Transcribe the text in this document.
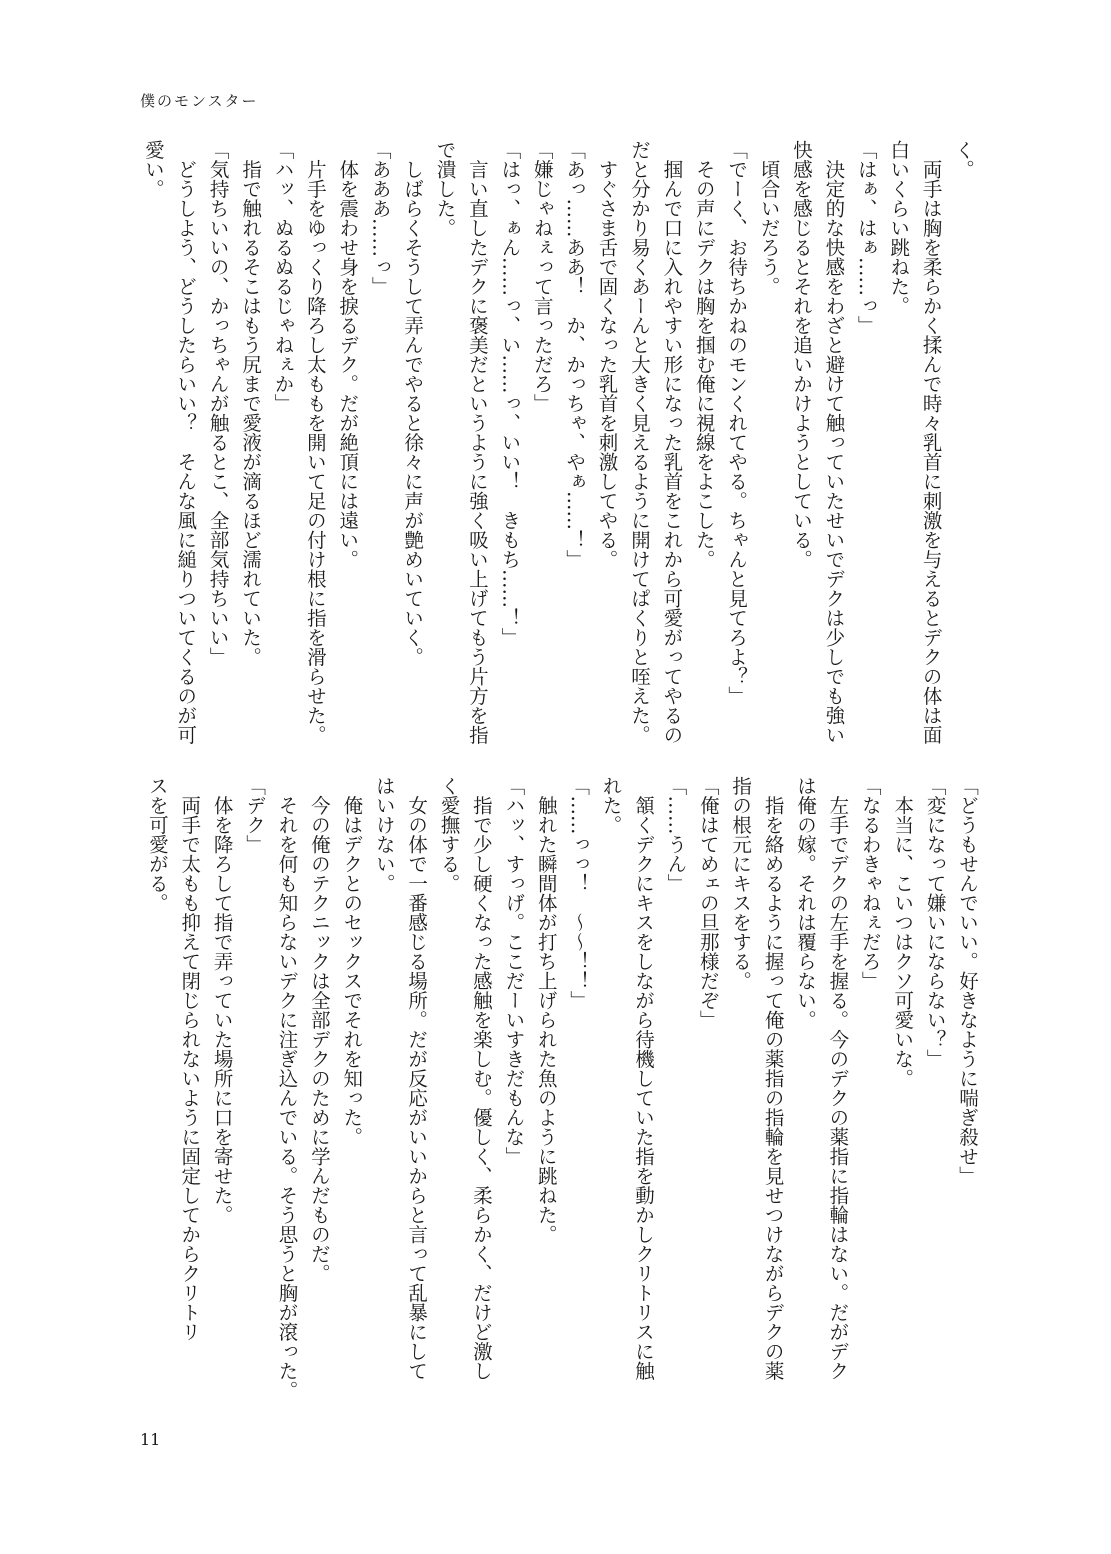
僕のモンスター
く。
　両手は胸を柔らかく揉んで時々乳首に刺激を与えるとデクの体は面
白いくらい跳ねた。
「はぁ、はぁ……っ」
　決定的な快感をわざと避けて触っていたせいでデクは少しでも強い
快感を感じるとそれを追いかけようとしている。
　頃合いだろう。
「でーく、お待ちかねのモンくれてやる。ちゃんと見てろよ？」
　その声にデクは胸を掴む俺に視線をよこした。
　掴んで口に入れやすい形になった乳首をこれから可愛がってやるの
だと分かり易くあーんと大きく見えるように開けてぱくりと咥えた。
　すぐさま舌で固くなった乳首を刺激してやる。
「あっ……ああ！　か、かっちゃ、やぁ……！」
「嫌じゃねぇって言っただろ」
「はっ、ぁん……っ、い……っ、いい！　きもち……！」
　言い直したデクに褒美だというように強く吸い上げてもう片方を指
で潰した。
　しばらくそうして弄んでやると徐々に声が艶めいていく。
「あああ……っ」
　体を震わせ身を捩るデク。だが絶頂には遠い。
　片手をゆっくり降ろし太ももを開いて足の付け根に指を滑らせた。
「ハッ、ぬるぬるじゃねぇか」
　指で触れるそこはもう尻まで愛液が滴るほど濡れていた。
「気持ちいいの、かっちゃんが触るとこ、全部気持ちいい」
　どうしよう、どうしたらいい？　そんな風に縋りついてくるのが可
愛い。
「どうもせんでいい。好きなように喘ぎ殺せ」
「変になって嫌いにならない？」
　本当に、こいつはクソ可愛いな。
「なるわきゃねぇだろ」
　左手でデクの左手を握る。今のデクの薬指に指輪はない。だがデク
は俺の嫁。それは覆らない。
　指を絡めるように握って俺の薬指の指輪を見せつけながらデクの薬
指の根元にキスをする。
「俺はてめェの旦那様だぞ」
「……うん」
　頷くデクにキスをしながら待機していた指を動かしクリトリスに触
れた。
「……っっ！　～～！！」
　触れた瞬間体が打ち上げられた魚のように跳ねた。
「ハッ、すっげ。ここだーいすきだもんな」
　指で少し硬くなった感触を楽しむ。優しく、柔らかく、だけど激し
く愛撫する。
　女の体で一番感じる場所。だが反応がいいからと言って乱暴にして
はいけない。
　俺はデクとのセックスでそれを知った。
　今の俺のテクニックは全部デクのために学んだものだ。
　それを何も知らないデクに注ぎ込んでいる。そう思うと胸が滾った。
「デク」
　体を降ろして指で弄っていた場所に口を寄せた。
　両手で太もも抑えて閉じられないように固定してからクリトリ
スを可愛がる。
11
